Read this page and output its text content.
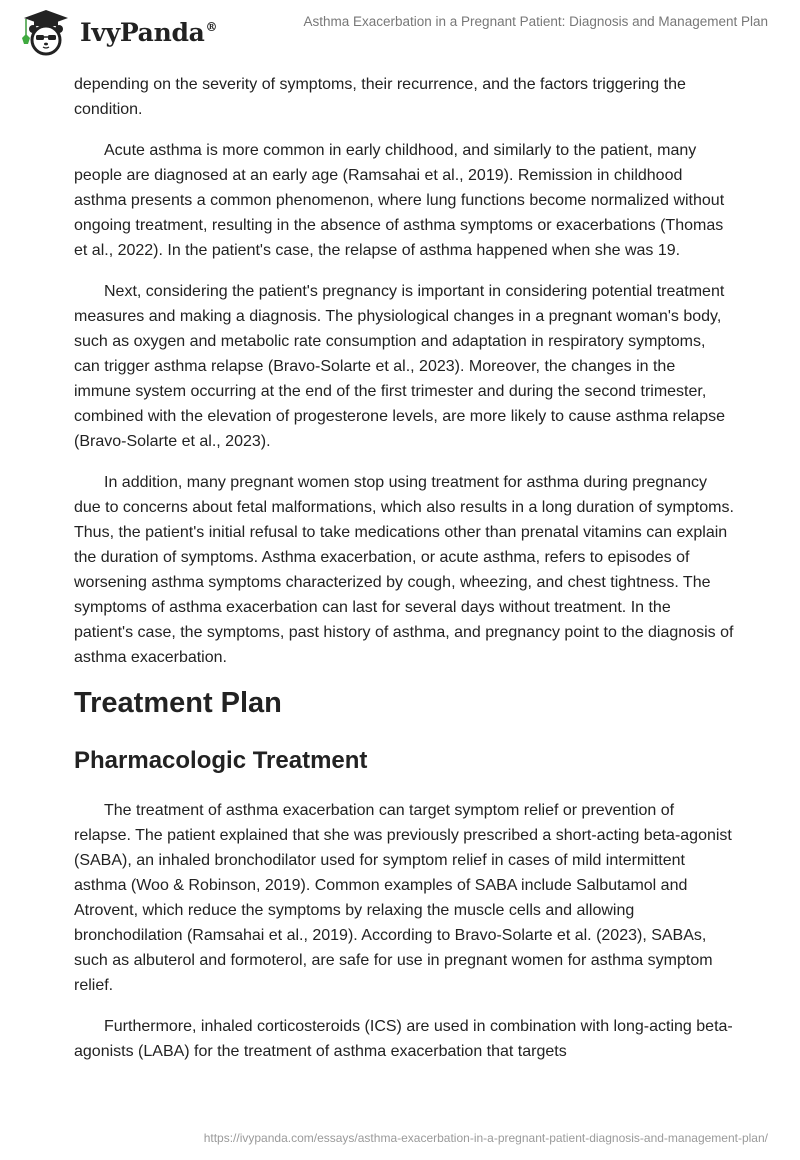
IvyPanda®	Asthma Exacerbation in a Pregnant Patient: Diagnosis and Management Plan

depending on the severity of symptoms, their recurrence, and the factors triggering the condition.

Acute asthma is more common in early childhood, and similarly to the patient, many people are diagnosed at an early age (Ramsahai et al., 2019). Remission in childhood asthma presents a common phenomenon, where lung functions become normalized without ongoing treatment, resulting in the absence of asthma symptoms or exacerbations (Thomas et al., 2022). In the patient's case, the relapse of asthma happened when she was 19.

Next, considering the patient's pregnancy is important in considering potential treatment measures and making a diagnosis. The physiological changes in a pregnant woman's body, such as oxygen and metabolic rate consumption and adaptation in respiratory symptoms, can trigger asthma relapse (Bravo-Solarte et al., 2023). Moreover, the changes in the immune system occurring at the end of the first trimester and during the second trimester, combined with the elevation of progesterone levels, are more likely to cause asthma relapse (Bravo-Solarte et al., 2023).

In addition, many pregnant women stop using treatment for asthma during pregnancy due to concerns about fetal malformations, which also results in a long duration of symptoms. Thus, the patient's initial refusal to take medications other than prenatal vitamins can explain the duration of symptoms. Asthma exacerbation, or acute asthma, refers to episodes of worsening asthma symptoms characterized by cough, wheezing, and chest tightness. The symptoms of asthma exacerbation can last for several days without treatment. In the patient's case, the symptoms, past history of asthma, and pregnancy point to the diagnosis of asthma exacerbation.

Treatment Plan
Pharmacologic Treatment

The treatment of asthma exacerbation can target symptom relief or prevention of relapse. The patient explained that she was previously prescribed a short-acting beta-agonist (SABA), an inhaled bronchodilator used for symptom relief in cases of mild intermittent asthma (Woo & Robinson, 2019). Common examples of SABA include Salbutamol and Atrovent, which reduce the symptoms by relaxing the muscle cells and allowing bronchodilation (Ramsahai et al., 2019). According to Bravo-Solarte et al. (2023), SABAs, such as albuterol and formoterol, are safe for use in pregnant women for asthma symptom relief.

Furthermore, inhaled corticosteroids (ICS) are used in combination with long-acting beta-agonists (LABA) for the treatment of asthma exacerbation that targets

https://ivypanda.com/essays/asthma-exacerbation-in-a-pregnant-patient-diagnosis-and-management-plan/
